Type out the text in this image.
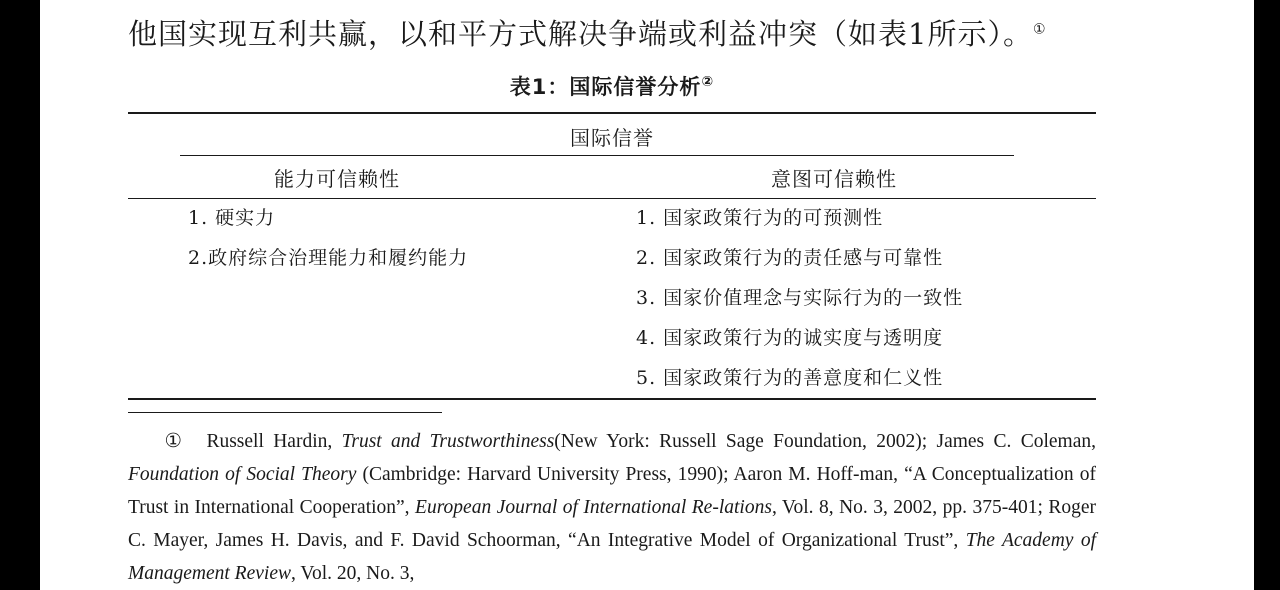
他国实现互利共赢，以和平方式解决争端或利益冲突（如表1所示）。①
表1：国际信誉分析②
国际信誉
能力可信赖性	意图可信赖性
1. 硬实力
2.政府综合治理能力和履约能力
1. 国家政策行为的可预测性
2. 国家政策行为的责任感与可靠性
3. 国家价值理念与实际行为的一致性
4. 国家政策行为的诚实度与透明度
5. 国家政策行为的善意度和仁义性
① Russell Hardin, Trust and Trustworthiness(New York: Russell Sage Foundation, 2002); James C. Coleman, Foundation of Social Theory (Cambridge: Harvard University Press, 1990); Aaron M. Hoff-man, “A Conceptualization of Trust in International Cooperation”, European Journal of International Re-lations, Vol. 8, No. 3, 2002, pp. 375-401; Roger C. Mayer, James H. Davis, and F. David Schoorman, “An Integrative Model of Organizational Trust”, The Academy of Management Review, Vol. 20, No. 3,
